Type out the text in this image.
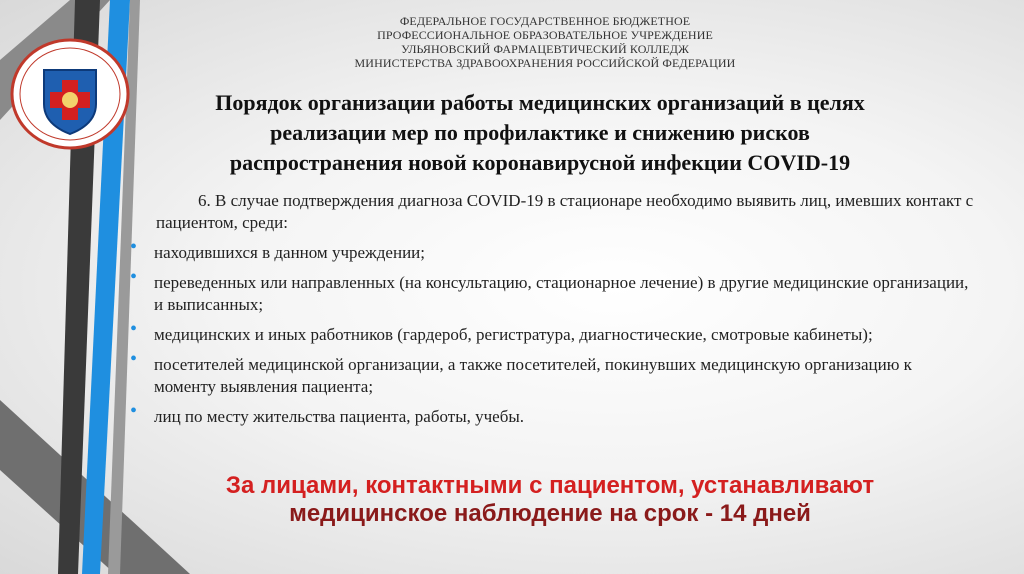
ФЕДЕРАЛЬНОЕ ГОСУДАРСТВЕННОЕ БЮДЖЕТНОЕ
ПРОФЕССИОНАЛЬНОЕ ОБРАЗОВАТЕЛЬНОЕ УЧРЕЖДЕНИЕ
УЛЬЯНОВСКИЙ ФАРМАЦЕВТИЧЕСКИЙ КОЛЛЕДЖ
МИНИСТЕРСТВА ЗДРАВООХРАНЕНИЯ РОССИЙСКОЙ ФЕДЕРАЦИИ
Порядок организации работы медицинских организаций в целях
реализации мер по профилактике и снижению рисков
распространения новой коронавирусной инфекции COVID-19

6. В случае подтверждения диагноза COVID-19 в стационаре необходимо выявить лиц, имевших контакт с пациентом, среди:

• находившихся в данном учреждении;
• переведенных или направленных (на консультацию, стационарное лечение) в другие медицинские организации, и выписанных;
• медицинских и иных работников (гардероб, регистратура, диагностические, смотровые кабинеты);
• посетителей медицинской организации, а также посетителей, покинувших медицинскую организацию к моменту выявления пациента;
• лиц по месту жительства пациента, работы, учебы.
За лицами, контактными с пациентом, устанавливают
медицинское наблюдение на срок - 14 дней
